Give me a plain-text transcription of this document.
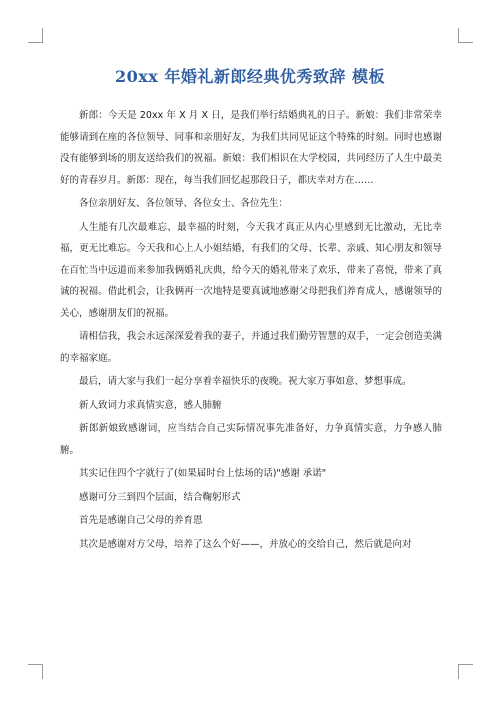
20xx 年婚礼新郎经典优秀致辞 模板

新郎：今天是 20xx 年 X 月 X 日，是我们举行结婚典礼的日子。新娘：我们非常荣幸能够请到在座的各位领导、同事和亲朋好友，为我们共同见证这个特殊的时刻。同时也感谢没有能够到场的朋友送给我们的祝福。新娘：我们相识在大学校园，共同经历了人生中最美好的青春岁月。新郎：现在，每当我们回忆起那段日子，都庆幸对方在……

各位亲朋好友、各位领导、各位女士、各位先生：

人生能有几次最难忘、最幸福的时刻，今天我才真正从内心里感到无比激动，无比幸福，更无比难忘。今天我和心上人小姐结婚，有我们的父母、长辈、亲戚、知心朋友和领导在百忙当中远道而来参加我俩婚礼庆典，给今天的婚礼带来了欢乐，带来了喜悦，带来了真诚的祝福。借此机会，让我俩再一次地特是要真诚地感谢父母把我们养育成人，感谢领导的关心，感谢朋友们的祝福。

请相信我，我会永远深深爱着我的妻子，并通过我们勤劳智慧的双手，一定会创造美满的幸福家庭。

最后，请大家与我们一起分享着幸福快乐的夜晚。祝大家万事如意、梦想事成。

新人致词力求真情实意，感人肺腑

新郎新娘致感谢词，应当结合自己实际情况事先准备好，力争真情实意，力争感人肺腑。

其实记住四个字就行了(如果届时台上怯场的话)"感谢 承诺"

感谢可分三到四个层面，结合鞠躬形式

首先是感谢自己父母的养育恩

其次是感谢对方父母，培养了这么个好——，并放心的交给自己，然后就是向对
